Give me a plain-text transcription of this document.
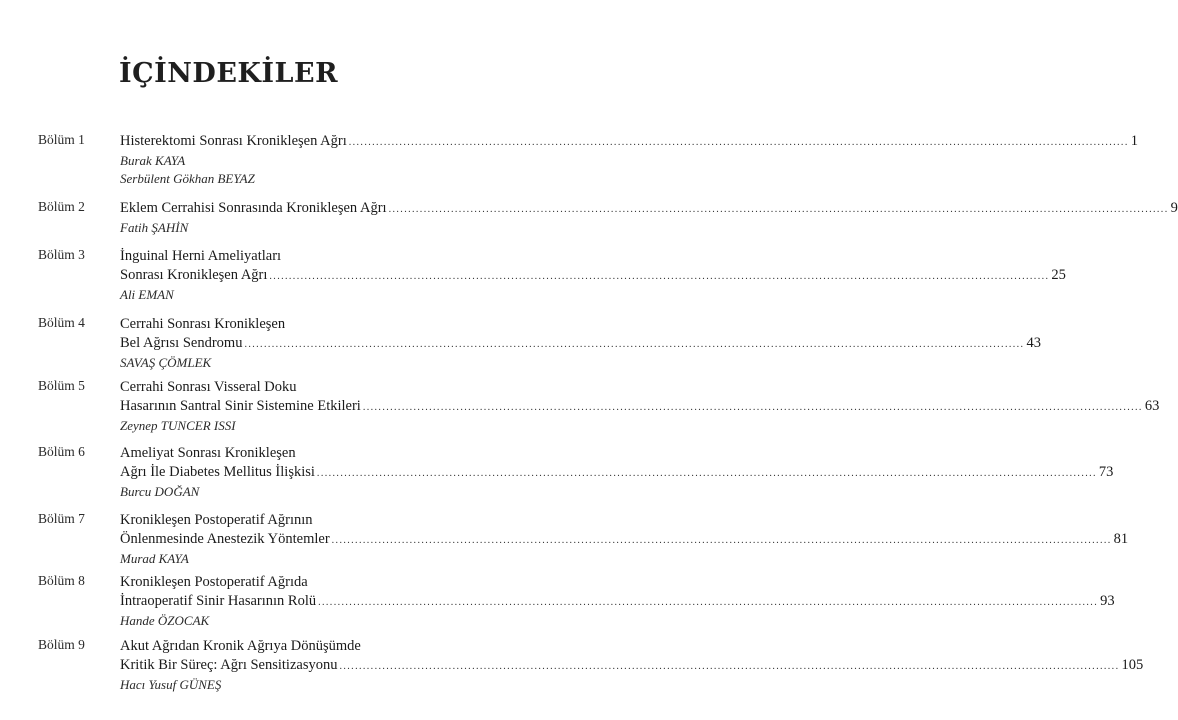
İÇİNDEKİLER
Bölüm 1 Histerektomi Sonrası Kronikleşen Ağrı ........................................................................................................................................................................................................ 1
Burak KAYA
Serbülent Gökhan BEYAZ
Bölüm 2 Eklem Cerrahisi Sonrasında Kronikleşen Ağrı ........................................................................................................................................................................................................ 9
Fatih ŞAHİN
Bölüm 3 İnguinal Herni Ameliyatları
Sonrası Kronikleşen Ağrı ........................................................................................................................................................................................................ 25
Ali EMAN
Bölüm 4 Cerrahi Sonrası Kronikleşen
Bel Ağrısı Sendromu ........................................................................................................................................................................................................ 43
SAVAŞ ÇÖMLEK
Bölüm 5 Cerrahi Sonrası Visseral Doku
Hasarının Santral Sinir Sistemine Etkileri ........................................................................................................................................................................................................ 63
Zeynep TUNCER ISSI
Bölüm 6 Ameliyat Sonrası Kronikleşen
Ağrı İle Diabetes Mellitus İlişkisi ........................................................................................................................................................................................................ 73
Burcu DOĞAN
Bölüm 7 Kronikleşen Postoperatif Ağrının
Önlenmesinde Anestezik Yöntemler ........................................................................................................................................................................................................ 81
Murad KAYA
Bölüm 8 Kronikleşen Postoperatif Ağrıda
İntraoperatif Sinir Hasarının Rolü ........................................................................................................................................................................................................ 93
Hande ÖZOCAK
Bölüm 9 Akut Ağrıdan Kronik Ağrıya Dönüşümde
Kritik Bir Süreç: Ağrı Sensitizasyonu ........................................................................................................................................................................................................ 105
Hacı Yusuf GÜNEŞ
